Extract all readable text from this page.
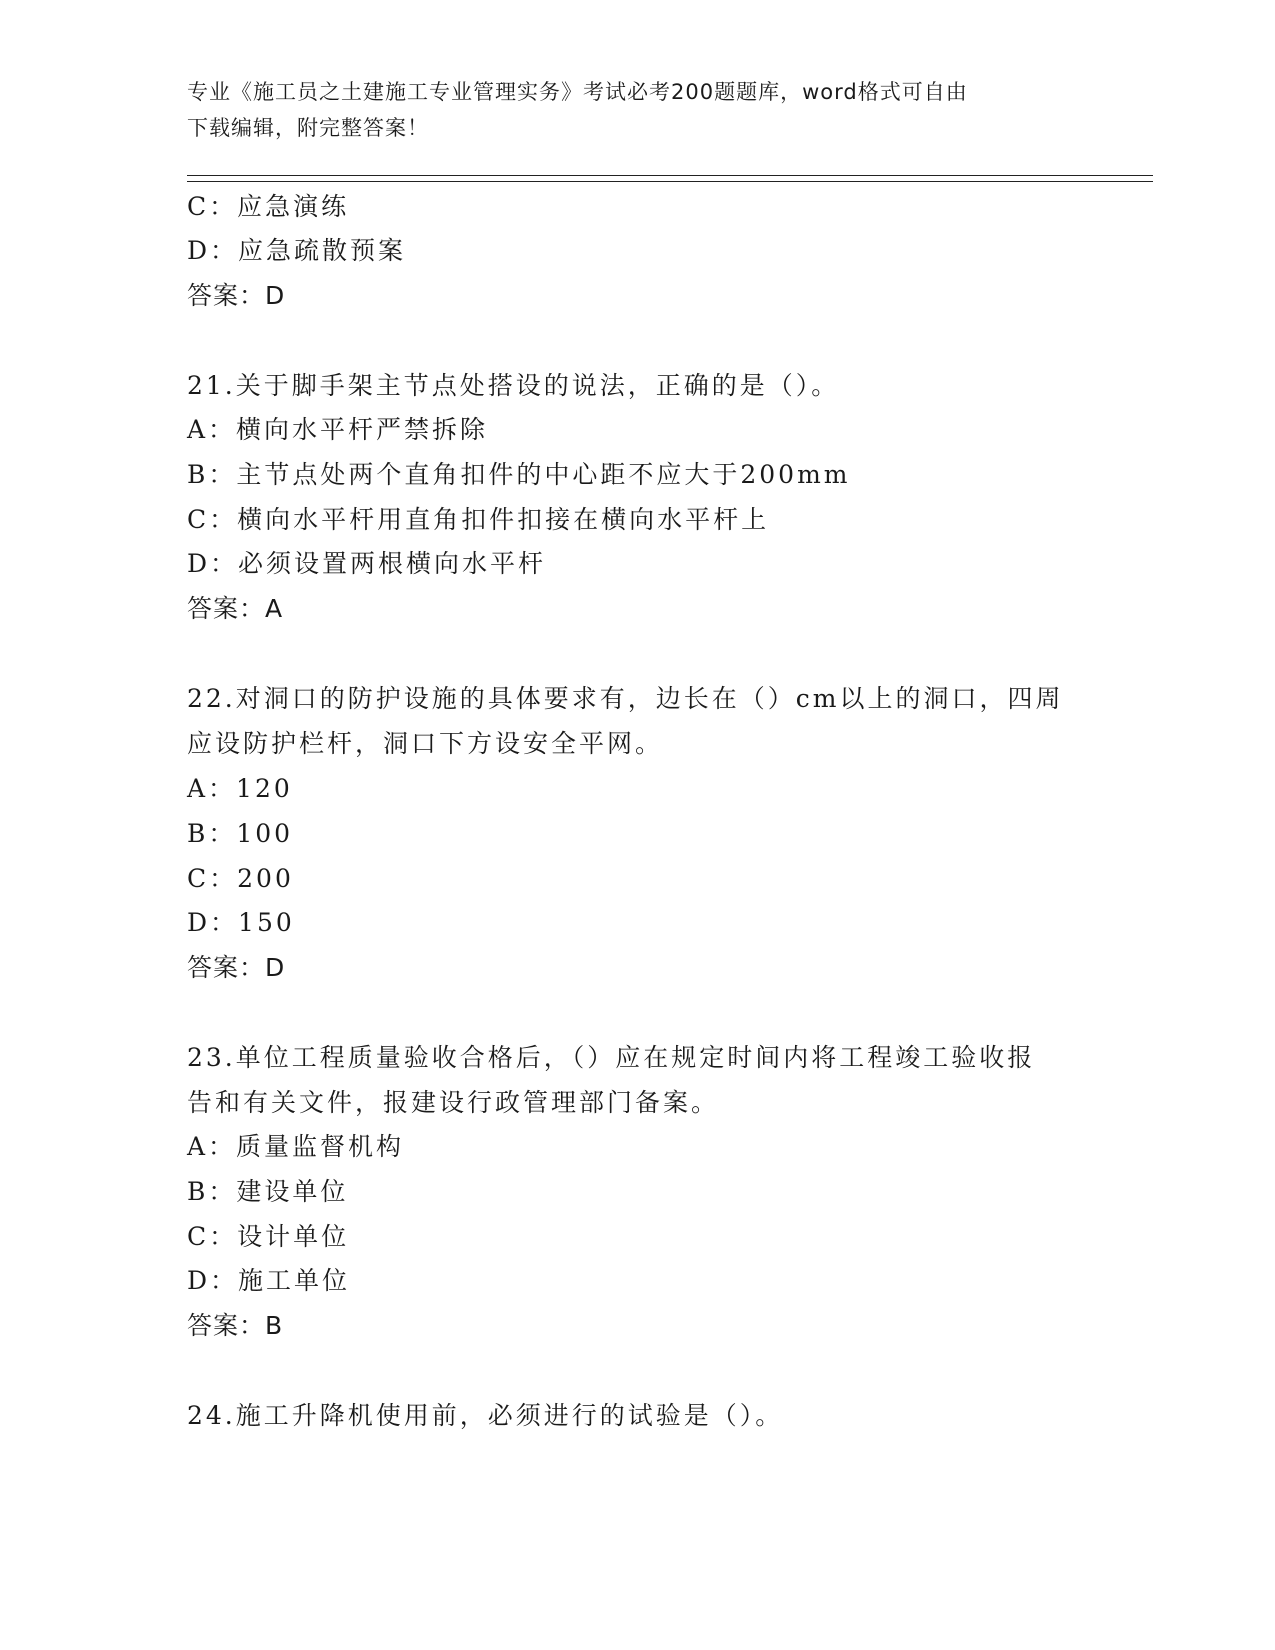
专业《施工员之土建施工专业管理实务》考试必考200题题库，word格式可自由
下载编辑，附完整答案！
C：应急演练
D：应急疏散预案
答案：D
21.关于脚手架主节点处搭设的说法，正确的是（）。
A：横向水平杆严禁拆除
B：主节点处两个直角扣件的中心距不应大于200mm
C：横向水平杆用直角扣件扣接在横向水平杆上
D：必须设置两根横向水平杆
答案：A
22.对洞口的防护设施的具体要求有，边长在（）cm以上的洞口，四周
应设防护栏杆，洞口下方设安全平网。
A：120
B：100
C：200
D：150
答案：D
23.单位工程质量验收合格后，（）应在规定时间内将工程竣工验收报
告和有关文件，报建设行政管理部门备案。
A：质量监督机构
B：建设单位
C：设计单位
D：施工单位
答案：B
24.施工升降机使用前，必须进行的试验是（）。
